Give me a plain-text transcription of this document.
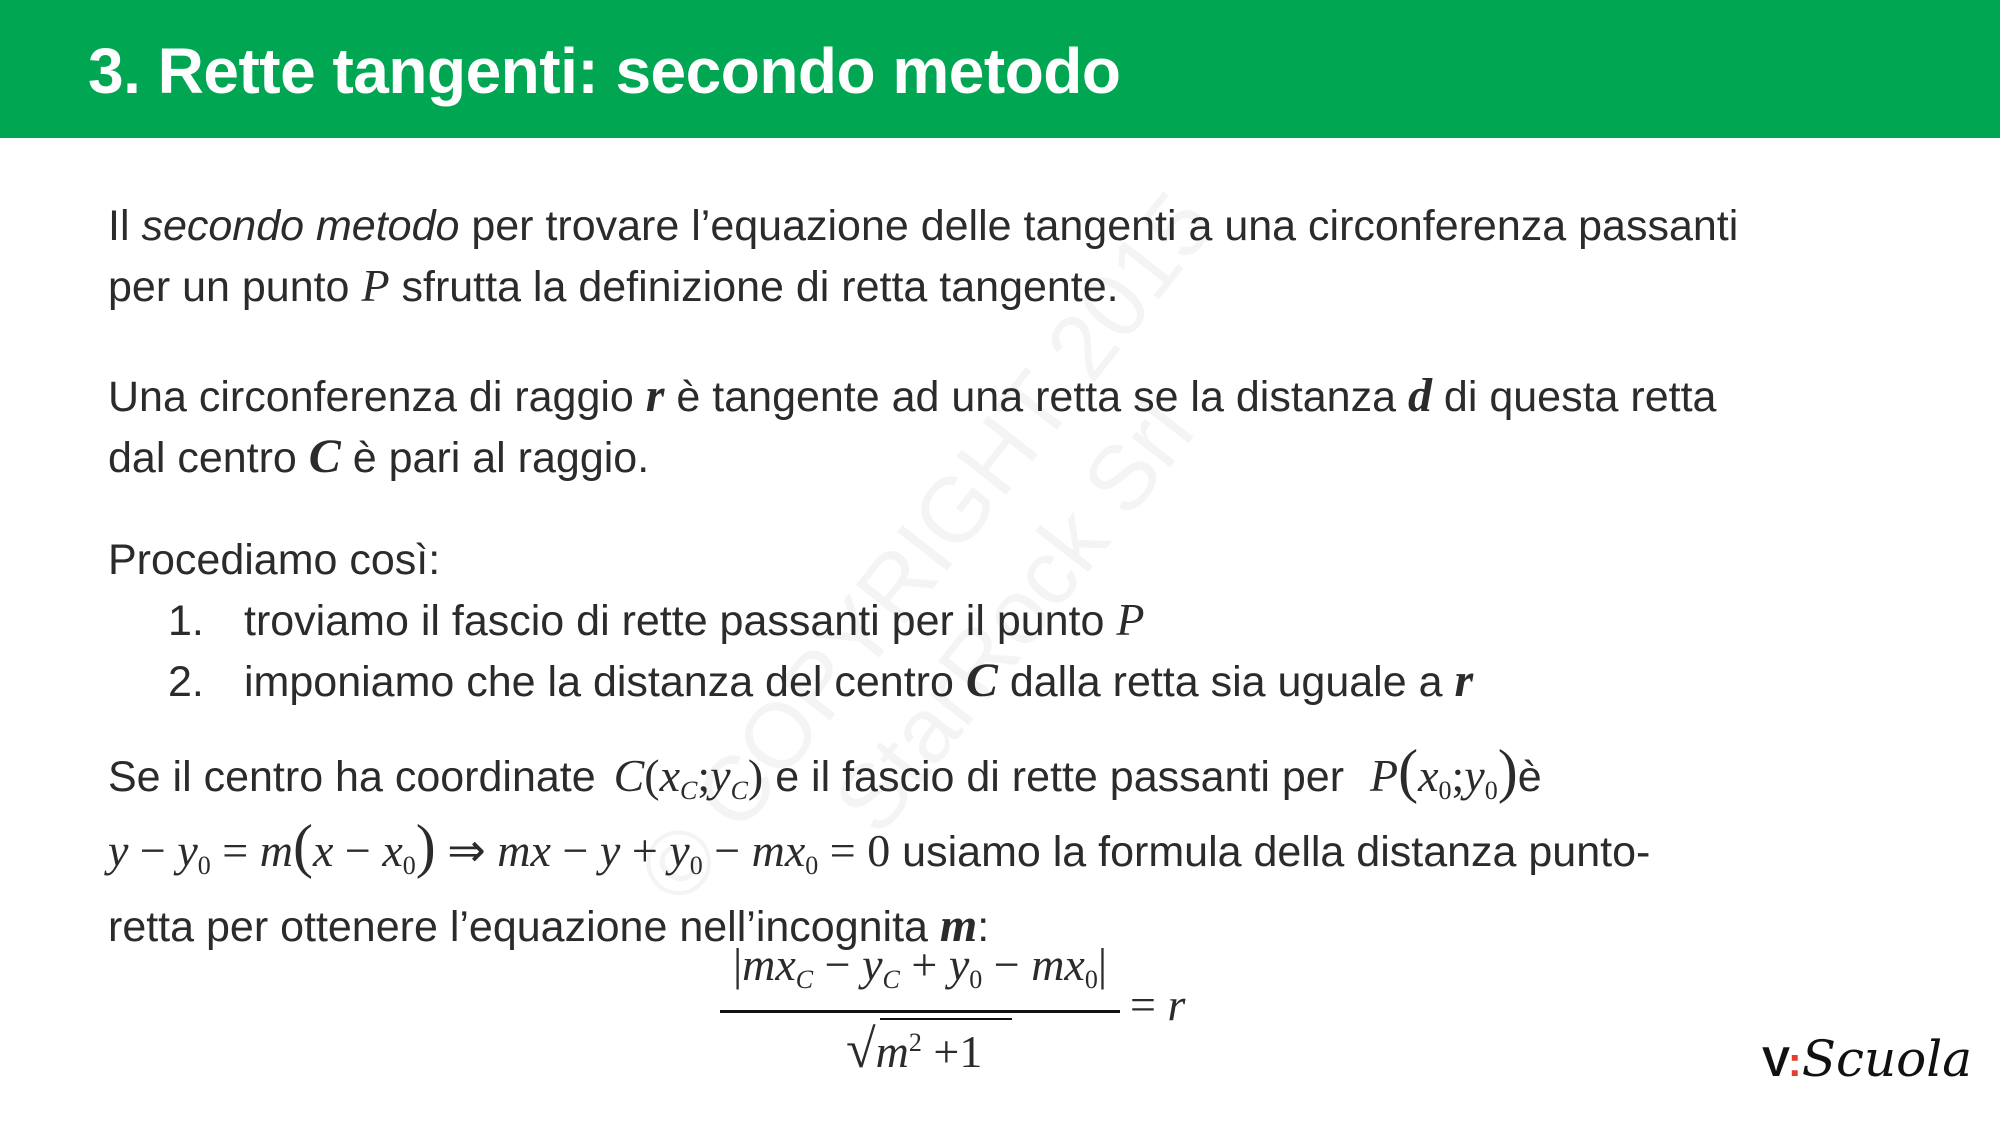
3. Rette tangenti: secondo metodo
Il secondo metodo per trovare l’equazione delle tangenti a una circonferenza passanti
per un punto P sfrutta la definizione di retta tangente.
Una circonferenza di raggio r è tangente ad una retta se la distanza d di questa retta
dal centro C è pari al raggio.
Procediamo così:
1. troviamo il fascio di rette passanti per il punto P
2. imponiamo che la distanza del centro C dalla retta sia uguale a r
Se il centro ha coordinate $C(x_C;y_C)$ e il fascio di rette passanti per $P(x_0;y_0)è$
$y - y_0 = m(x - x_0)$ ⇒ mx − $y + y_0 - mx_0 = 0$ usiamo la formula della distanza punto-
retta per ottenere l’equazione nell’incognita m:
$|mx_C - y_C + y_0 - mx_0|$
$√m^2 +1$
= r
V:Scuola
